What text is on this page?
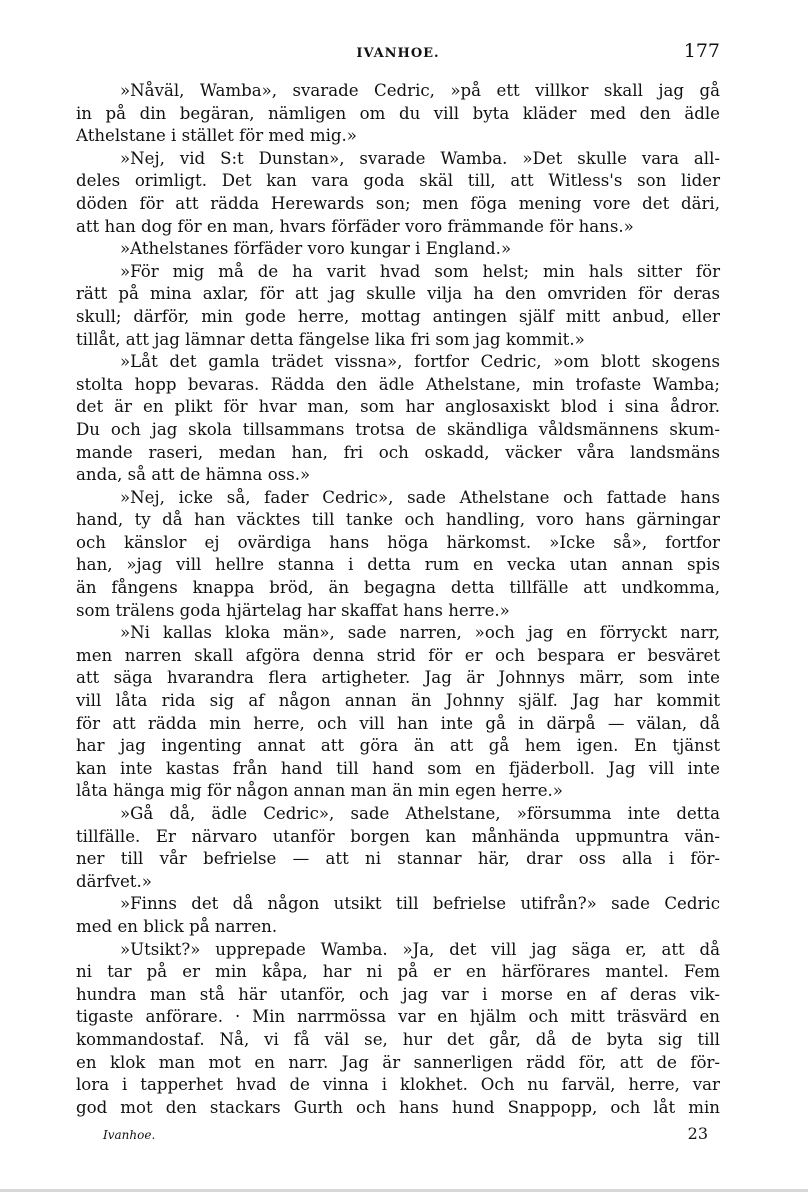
IVANHOE.	177
»Nåväl, Wamba», svarade Cedric, »på ett villkor skall jag gå
in på din begäran, nämligen om du vill byta kläder med den ädle
Athelstane i stället för med mig.»
»Nej, vid S:t Dunstan», svarade Wamba. »Det skulle vara all-
deles orimligt. Det kan vara goda skäl till, att Witless's son lider
döden för att rädda Herewards son; men föga mening vore det däri,
att han dog för en man, hvars förfäder voro främmande för hans.»
»Athelstanes förfäder voro kungar i England.»
»För mig må de ha varit hvad som helst; min hals sitter för
rätt på mina axlar, för att jag skulle vilja ha den omvriden för deras
skull; därför, min gode herre, mottag antingen själf mitt anbud, eller
tillåt, att jag lämnar detta fängelse lika fri som jag kommit.»
»Låt det gamla trädet vissna», fortfor Cedric, »om blott skogens
stolta hopp bevaras. Rädda den ädle Athelstane, min trofaste Wamba;
det är en plikt för hvar man, som har anglosaxiskt blod i sina ådror.
Du och jag skola tillsammans trotsa de skändliga våldsmännens skum-
mande raseri, medan han, fri och oskadd, väcker våra landsmäns
anda, så att de hämna oss.»
»Nej, icke så, fader Cedric», sade Athelstane och fattade hans
hand, ty då han väcktes till tanke och handling, voro hans gärningar
och känslor ej ovärdiga hans höga härkomst. »Icke så», fortfor
han, »jag vill hellre stanna i detta rum en vecka utan annan spis
än fångens knappa bröd, än begagna detta tillfälle att undkomma,
som trälens goda hjärtelag har skaffat hans herre.»
»Ni kallas kloka män», sade narren, »och jag en förryckt narr,
men narren skall afgöra denna strid för er och bespara er besväret
att säga hvarandra flera artigheter. Jag är Johnnys märr, som inte
vill låta rida sig af någon annan än Johnny själf. Jag har kommit
för att rädda min herre, och vill han inte gå in därpå — välan, då
har jag ingenting annat att göra än att gå hem igen. En tjänst
kan inte kastas från hand till hand som en fjäderboll. Jag vill inte
låta hänga mig för någon annan man än min egen herre.»
»Gå då, ädle Cedric», sade Athelstane, »försumma inte detta
tillfälle. Er närvaro utanför borgen kan månhända uppmuntra vän-
ner till vår befrielse — att ni stannar här, drar oss alla i för-
därfvet.»
»Finns det då någon utsikt till befrielse utifrån?» sade Cedric
med en blick på narren.
»Utsikt?» upprepade Wamba. »Ja, det vill jag säga er, att då
ni tar på er min kåpa, har ni på er en härförares mantel. Fem
hundra man stå här utanför, och jag var i morse en af deras vik-
tigaste anförare. · Min narrmössa var en hjälm och mitt träsvärd en
kommandostaf. Nå, vi få väl se, hur det går, då de byta sig till
en klok man mot en narr. Jag är sannerligen rädd för, att de för-
lora i tapperhet hvad de vinna i klokhet. Och nu farväl, herre, var
god mot den stackars Gurth och hans hund Snappopp, och låt min
Ivanhoe.	23
